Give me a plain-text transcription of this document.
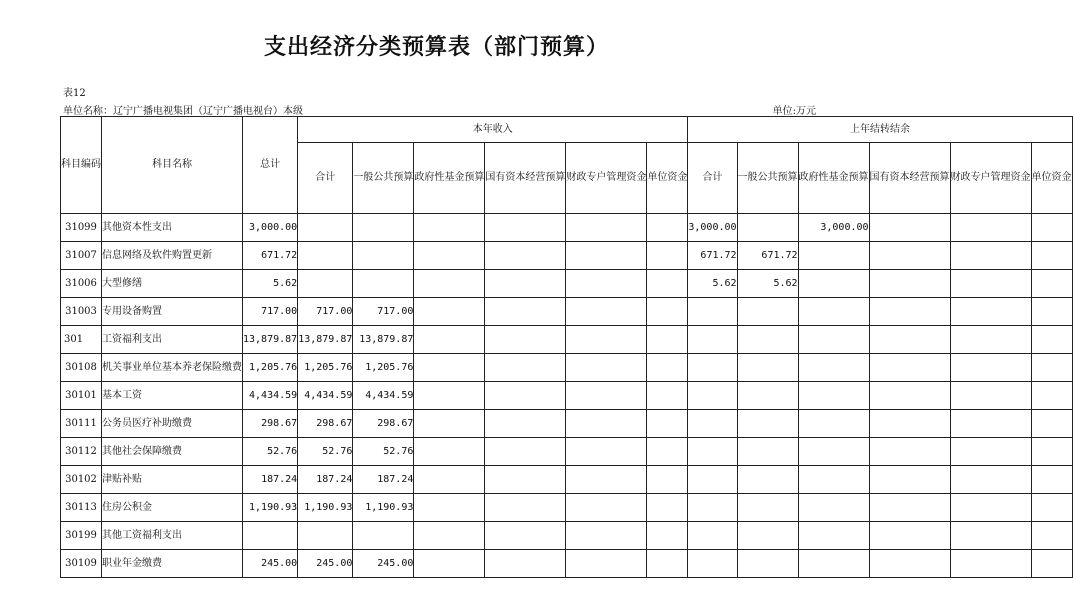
支出经济分类预算表（部门预算）
表12
单位名称：辽宁广播电视集团（辽宁广播电视台）本级	单位:万元
科目编码	科目名称	总计	本年收入						上年结转结余					
			合计	一般公共预算	政府性基金预算	国有资本经营预算	财政专户管理资金	单位资金	合计	一般公共预算	政府性基金预算	国有资本经营预算	财政专户管理资金	单位资金
31099	其他资本性支出	3,000.00							3,000.00		3,000.00			
31007	信息网络及软件购置更新	671.72							671.72	671.72				
31006	大型修缮	5.62							5.62	5.62				
31003	专用设备购置	717.00	717.00	717.00										
301	工资福利支出	13,879.87	13,879.87	13,879.87										
30108	机关事业单位基本养老保险缴费	1,205.76	1,205.76	1,205.76										
30101	基本工资	4,434.59	4,434.59	4,434.59										
30111	公务员医疗补助缴费	298.67	298.67	298.67										
30112	其他社会保障缴费	52.76	52.76	52.76										
30102	津贴补贴	187.24	187.24	187.24										
30113	住房公积金	1,190.93	1,190.93	1,190.93										
30199	其他工资福利支出													
30109	职业年金缴费	245.00	245.00	245.00										
